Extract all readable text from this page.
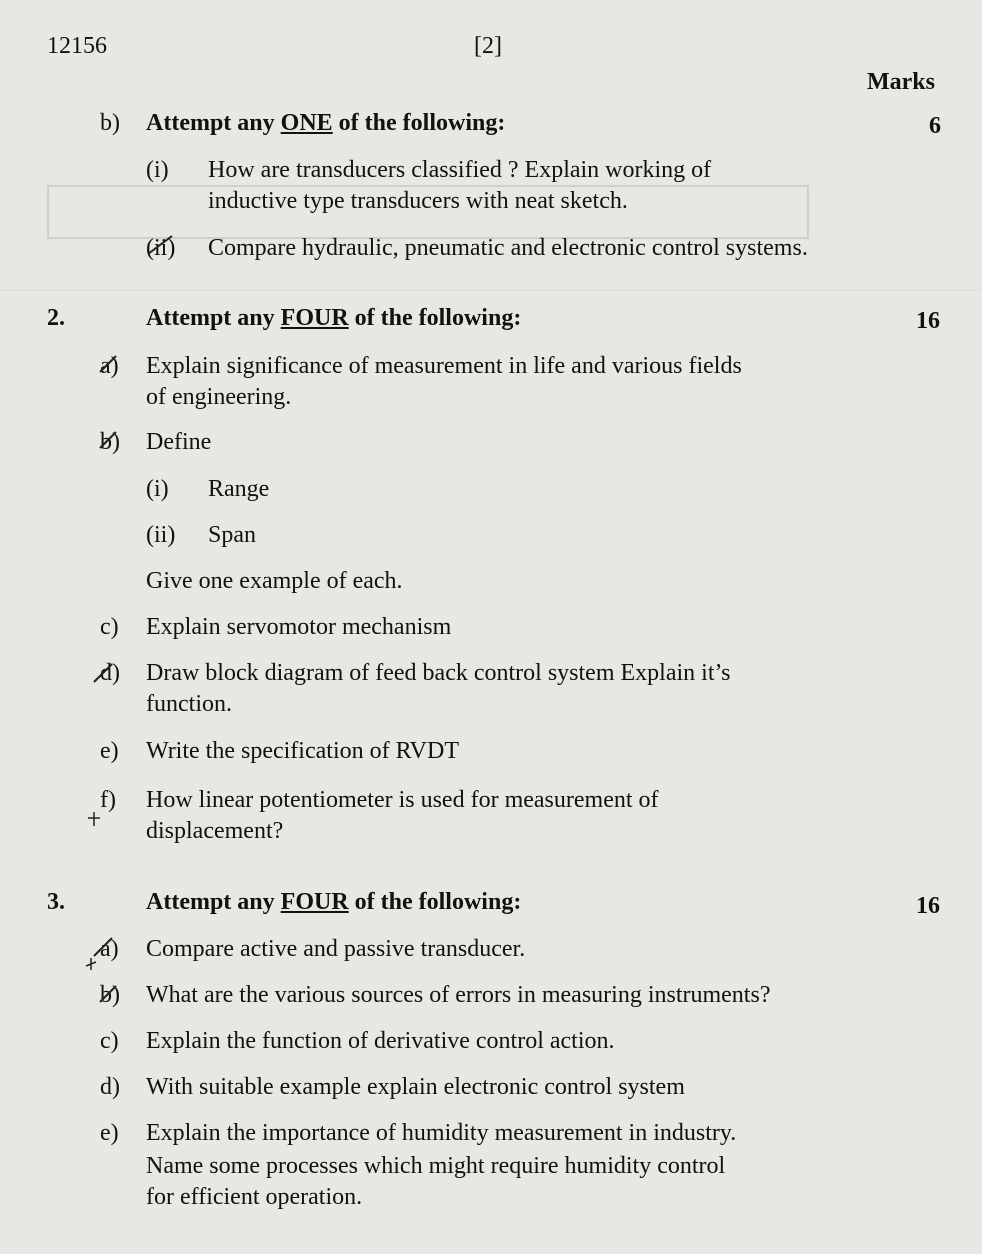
12156	[2]
Marks
b) Attempt any ONE of the following:	6
(i) How are transducers classified ? Explain working of
inductive type transducers with neat sketch.
(ii) Compare hydraulic, pneumatic and electronic control systems.
2.	Attempt any FOUR of the following:	16
a) Explain significance of measurement in life and various fields
of engineering.
b) Define
(i) Range
(ii) Span
Give one example of each.
c) Explain servomotor mechanism
d) Draw block diagram of feed back control system Explain it’s
function.
e) Write the specification of RVDT
f) How linear potentiometer is used for measurement of
displacement?
3.	Attempt any FOUR of the following:	16
a) Compare active and passive transducer.
b) What are the various sources of errors in measuring instruments?
c) Explain the function of derivative control action.
d) With suitable example explain electronic control system
e) Explain the importance of humidity measurement in industry.
Name some processes which might require humidity control
for efficient operation.
